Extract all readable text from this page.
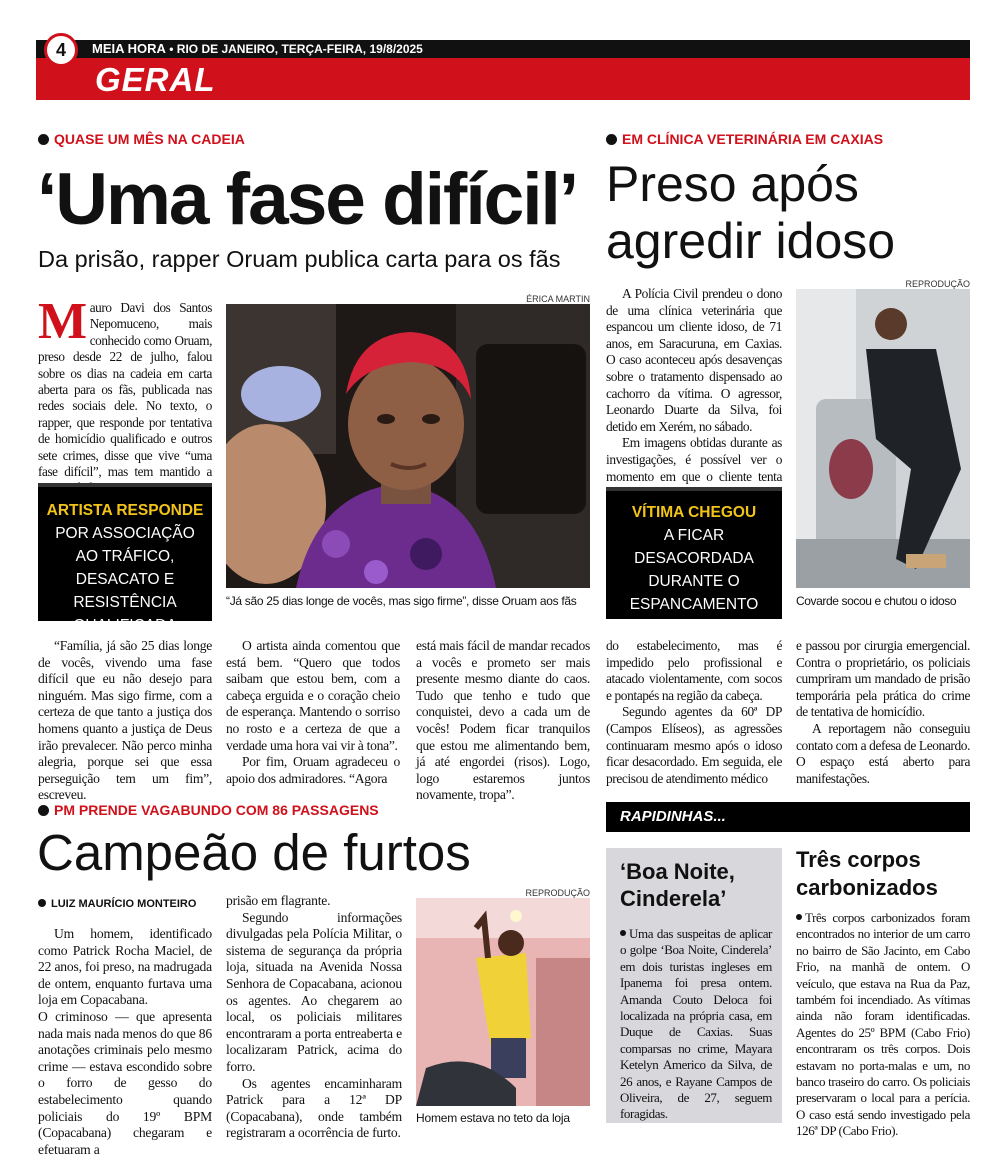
MEIA HORA • RIO DE JANEIRO, TERÇA-FEIRA, 19/8/2025
4
GERAL
QUASE UM MÊS NA CADEIA
‘Uma fase difícil’
Da prisão, rapper Oruam publica carta para os fãs
Mauro Davi dos Santos Nepomuceno, mais conhecido como Oruam, preso desde 22 de julho, falou sobre os dias na cadeia em carta aberta para os fãs, publicada nas redes sociais dele. No texto, o rapper, que responde por tentativa de homicídio qualificado e outros sete crimes, disse que vive “uma fase difícil”, mas tem mantido a
ARTISTA RESPONDE
POR ASSOCIAÇÃO AO TRÁFICO, DESACATO E RESISTÊNCIA QUALIFICADA
ÉRICA MARTIN
“Já são 25 dias longe de vocês, mas sigo firme”, disse Oruam aos fãs

“Família, já são 25 dias longe de vocês, vivendo uma fase difícil que eu não desejo para ninguém. Mas sigo firme, com a certeza de que tanto a justiça dos homens quanto a justiça de Deus irão prevalecer. Não perco minha alegria, porque sei que essa perseguição tem um fim”, escreveu.

O artista ainda comentou que está bem. “Quero que todos saibam que estou bem, com a cabeça erguida e o coração cheio de esperança. Mantendo o sorriso no rosto e a certeza de que a verdade uma hora vai vir à tona”.

Por fim, Oruam agradeceu o apoio dos admiradores. “Agora

está mais fácil de mandar recados a vocês e prometo ser mais presente mesmo diante do caos. Tudo que tenho e tudo que conquistei, devo a cada um de vocês! Podem ficar tranquilos que estou me alimentando bem, já até engordei (risos). Logo, logo estaremos juntos novamente, tropa”.

EM CLÍNICA VETERINÁRIA EM CAXIAS
Preso após
agredir idoso

A Polícia Civil prendeu o dono de uma clínica veterinária que espancou um cliente idoso, de 71 anos, em Saracuruna, em Caxias. O caso aconteceu após desavenças sobre o tratamento dispensado ao cachorro da vítima. O agressor, Leonardo Duarte da Silva, foi detido em Xerém, no sábado.

Em imagens obtidas durante as investigações, é possível ver o momento em que o cliente tenta

VÍTIMA CHEGOU
A FICAR DESACORDADA DURANTE O ESPANCAMENTO
REPRODUÇÃO
Covarde socou e chutou o idoso

do estabelecimento, mas é impedido pelo profissional e atacado violentamente, com socos e pontapés na região da cabeça.

Segundo agentes da 60ª DP (Campos Elíseos), as agressões continuaram mesmo após o idoso ficar desacordado. Em seguida, ele precisou de atendimento médico

e passou por cirurgia emergencial. Contra o proprietário, os policiais cumpriram um mandado de prisão temporária pela prática do crime de tentativa de homicídio.

A reportagem não conseguiu contato com a defesa de Leonardo. O espaço está aberto para manifestações.

PM PRENDE VAGABUNDO COM 86 PASSAGENS
Campeão de furtos
LUIZ MAURÍCIO MONTEIRO

Um homem, identificado como Patrick Rocha Maciel, de 22 anos, foi preso, na madrugada de ontem, enquanto furtava uma loja em Copacabana.

O criminoso — que apresenta nada mais nada menos do que 86 anotações criminais pelo mesmo crime — estava escondido sobre o forro de gesso do estabelecimento quando policiais do 19º BPM (Copacabana) chegaram e efetuaram a

prisão em flagrante.

Segundo informações divulgadas pela Polícia Militar, o sistema de segurança da própria loja, situada na Avenida Nossa Senhora de Copacabana, acionou os agentes. Ao chegarem ao local, os policiais militares encontraram a porta entreaberta e localizaram Patrick, acima do forro.

Os agentes encaminharam Patrick para a 12ª DP (Copacabana), onde também registraram a ocorrência de furto.

REPRODUÇÃO
Homem estava no teto da loja
RAPIDINHAS...
‘Boa Noite,
Cinderela’
Uma das suspeitas de aplicar o golpe ‘Boa Noite, Cinderela’ em dois turistas ingleses em Ipanema foi presa ontem. Amanda Couto Deloca foi localizada na própria casa, em Duque de Caxias. Suas comparsas no crime, Mayara Ketelyn Americo da Silva, de 26 anos, e Rayane Campos de Oliveira, de 27, seguem foragidas.
Três corpos
carbonizados
Três corpos carbonizados foram encontrados no interior de um carro no bairro de São Jacinto, em Cabo Frio, na manhã de ontem. O veículo, que estava na Rua da Paz, também foi incendiado. As vítimas ainda não foram identificadas. Agentes do 25º BPM (Cabo Frio) encontraram os três corpos. Dois estavam no porta-malas e um, no banco traseiro do carro. Os policiais preservaram o local para a perícia. O caso está sendo investigado pela 126ª DP (Cabo Frio).
